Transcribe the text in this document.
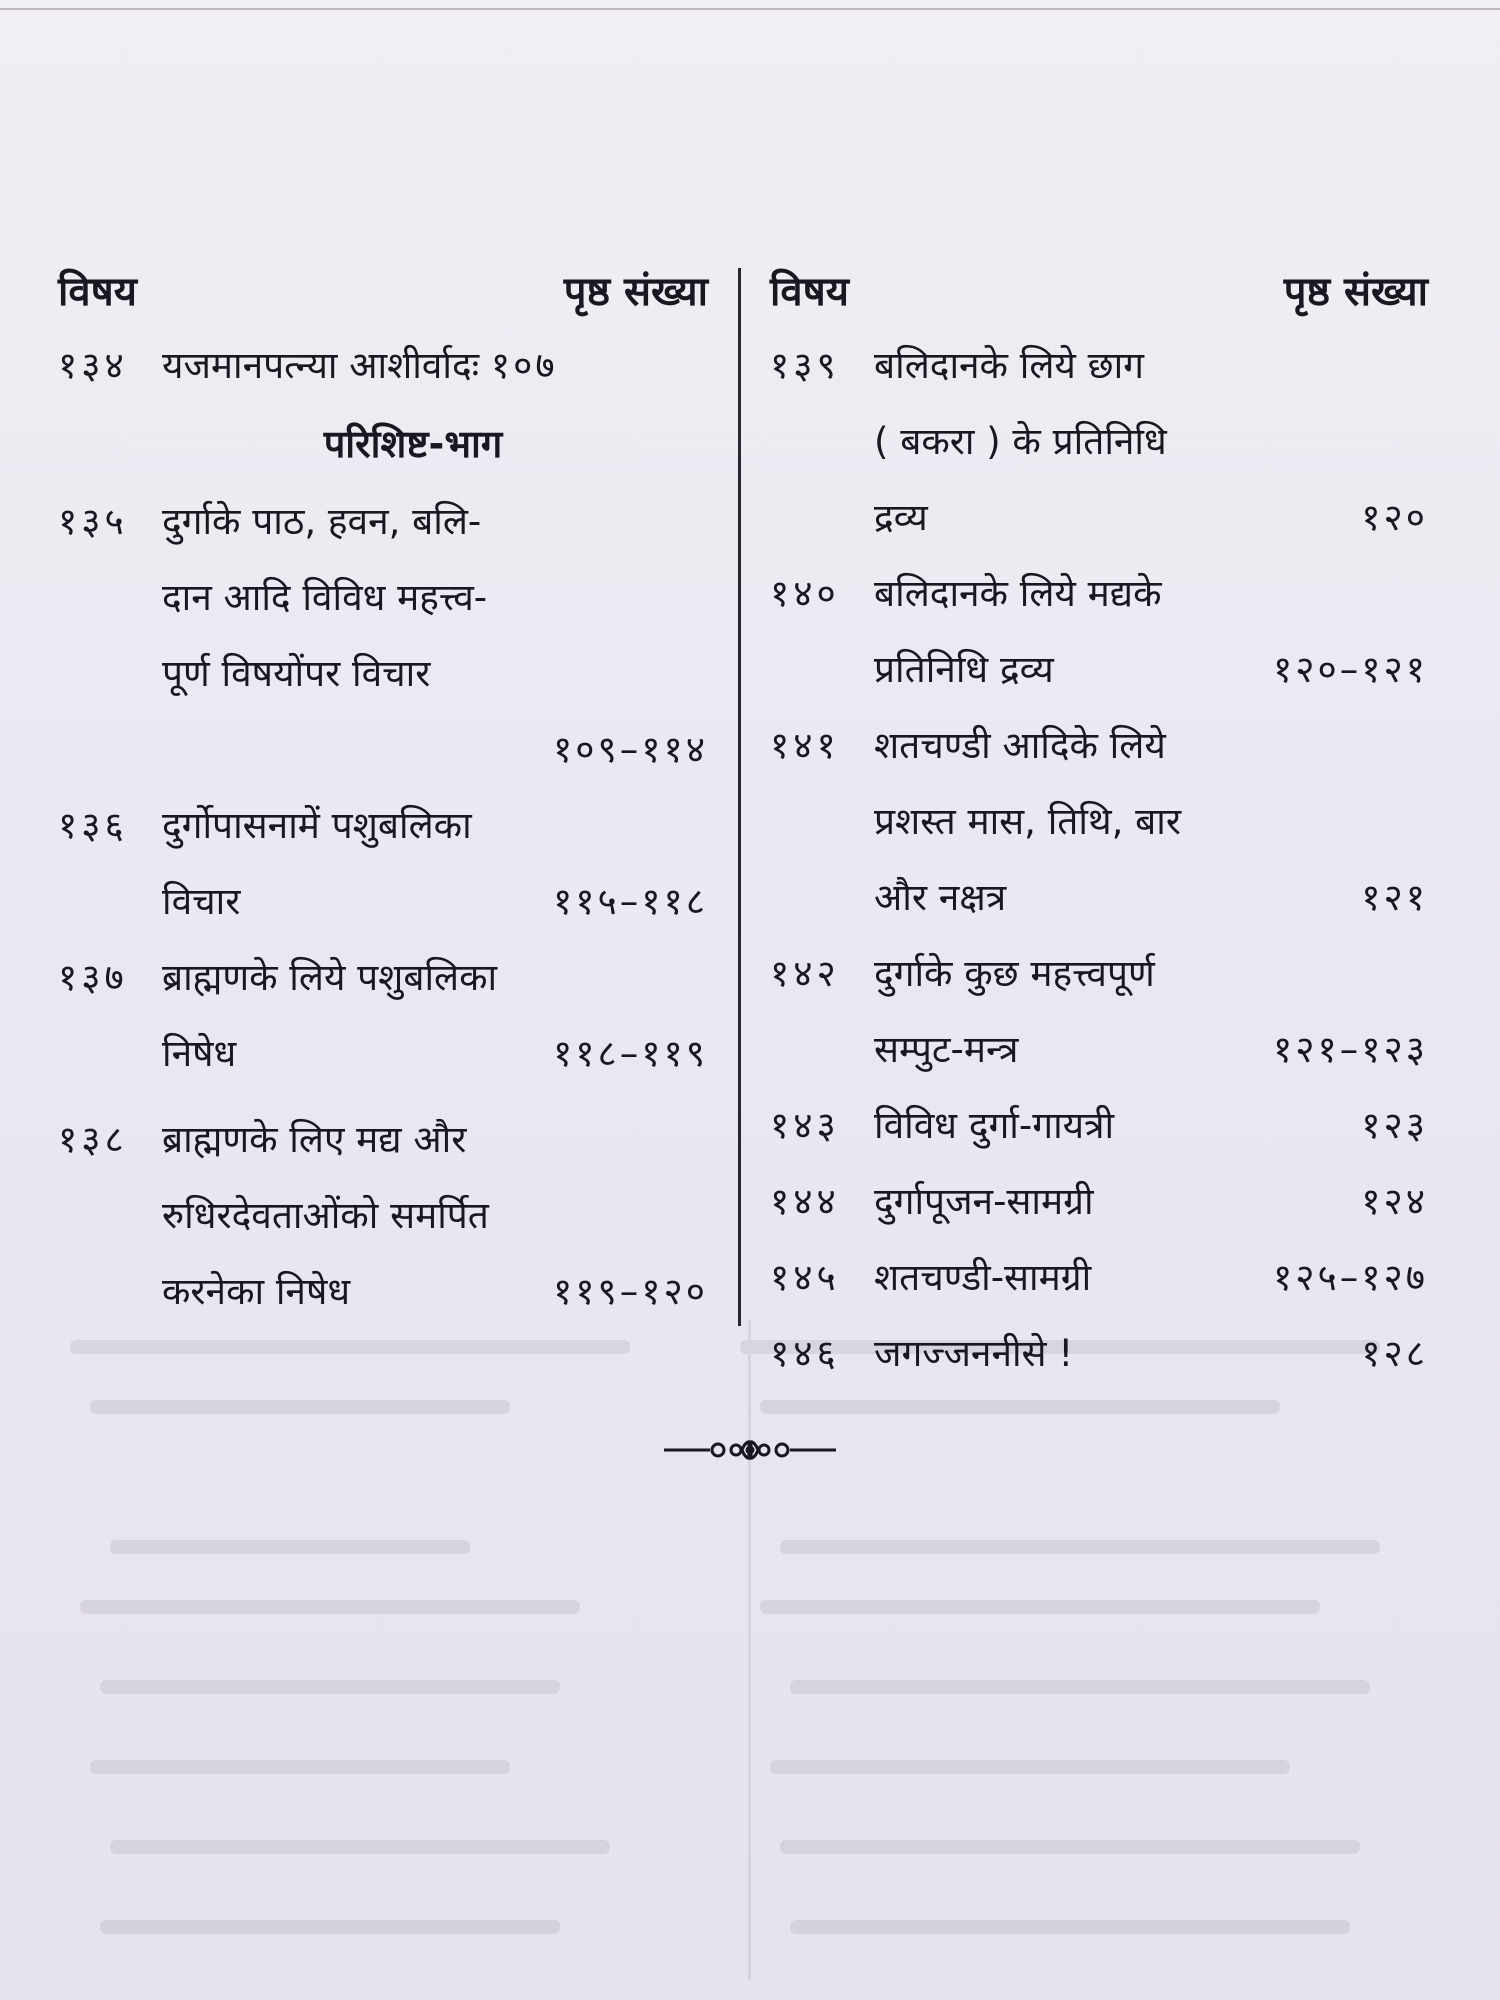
विषय	पृष्ठ संख्या
१३४ यजमानपत्न्या आशीर्वादः १०७
परिशिष्ट-भाग
१३५ दुर्गाके पाठ, हवन, बलि-
दान आदि विविध महत्त्व-
पूर्ण विषयोंपर विचार
१०९–११४
१३६ दुर्गोपासनामें पशुबलिका
विचार	११५–११८
१३७ ब्राह्मणके लिये पशुबलिका
निषेध	११८–११९
१३८ ब्राह्मणके लिए मद्य और
रुधिरदेवताओंको समर्पित
करनेका निषेध	११९–१२०
विषय	पृष्ठ संख्या
१३९ बलिदानके लिये छाग
( बकरा ) के प्रतिनिधि
द्रव्य	१२०
१४० बलिदानके लिये मद्यके
प्रतिनिधि द्रव्य	१२०–१२१
१४१ शतचण्डी आदिके लिये
प्रशस्त मास, तिथि, बार
और नक्षत्र	१२१
१४२ दुर्गाके कुछ महत्त्वपूर्ण
सम्पुट-मन्त्र	१२१–१२३
१४३ विविध दुर्गा-गायत्री	१२३
१४४ दुर्गापूजन-सामग्री	१२४
१४५ शतचण्डी-सामग्री	१२५–१२७
१४६ जगज्जननीसे !	१२८
